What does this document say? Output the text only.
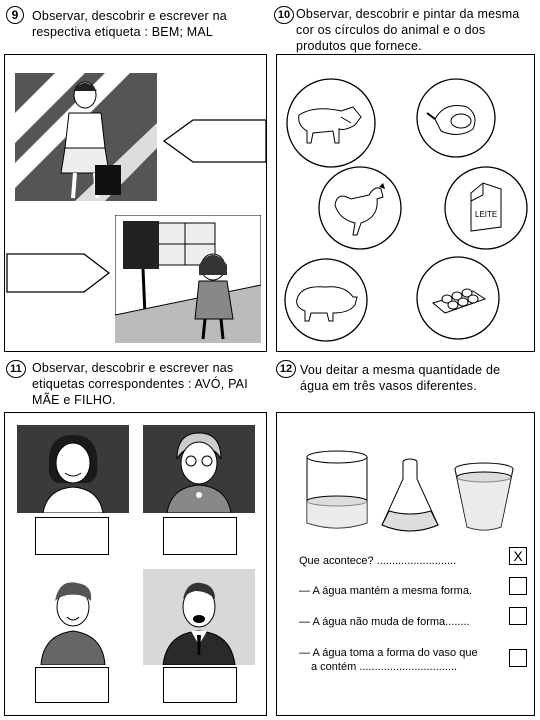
9 Observar, descobrir e escrever na
respectiva etiqueta : BEM; MAL
10 Observar, descobrir e pintar da mesma
cor os círculos do animal e o dos
produtos que fornece.
LEITE
11 Observar, descobrir e escrever nas
etiquetas correspondentes : AVÓ, PAI
MÃE e FILHO.
12 Vou deitar a mesma quantidade de
água em três vasos diferentes.
Que acontece? ..........................	X
— A água mantém a mesma forma.
— A água não muda de forma........
— A água toma a forma do vaso que
a contém ................................
